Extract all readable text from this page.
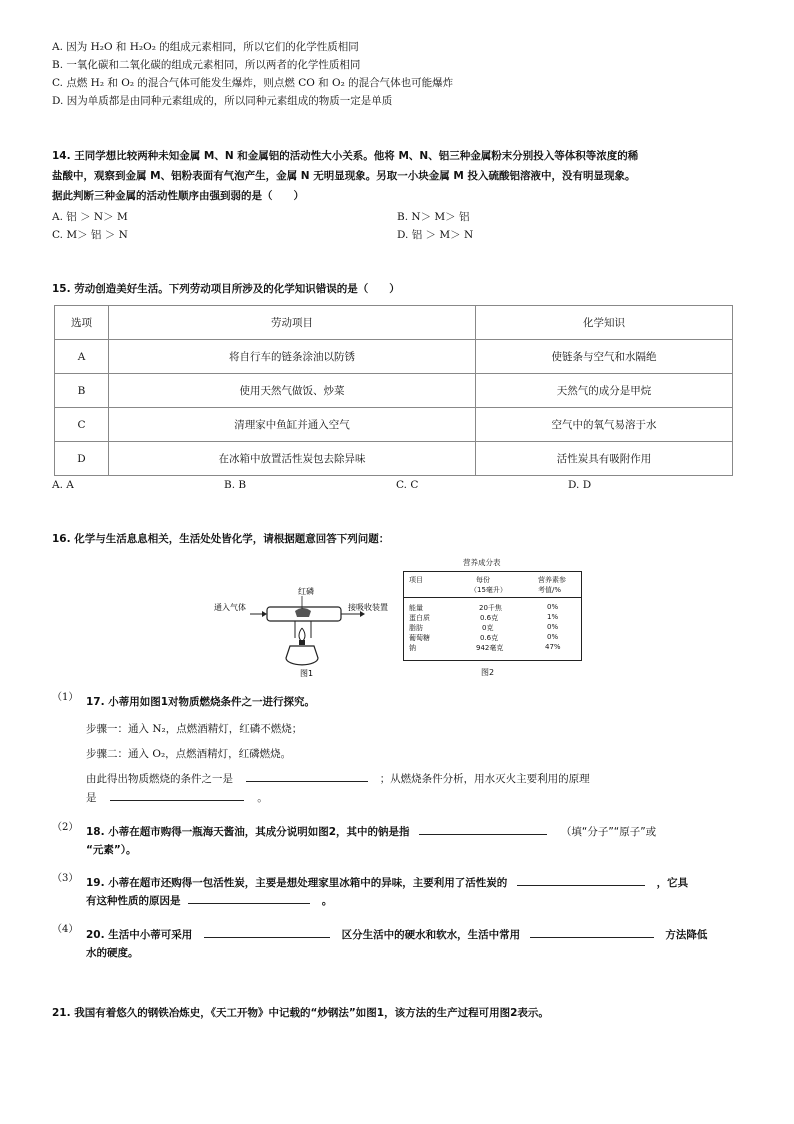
A. 因为 H₂O 和 H₂O₂ 的组成元素相同，所以它们的化学性质相同
B. 一氧化碳和二氧化碳的组成元素相同，所以两者的化学性质相同
C. 点燃 H₂ 和 O₂ 的混合气体可能发生爆炸，则点燃 CO 和 O₂ 的混合气体也可能爆炸
D. 因为单质都是由同种元素组成的，所以同种元素组成的物质一定是单质
14. 王同学想比较两种未知金属 M、N 和金属铝的活动性大小关系。他将 M、N、铝三种金属粉末分别投入等体积等浓度的稀
盐酸中，观察到金属 M、铝粉表面有气泡产生，金属 N 无明显现象。另取一小块金属 M 投入硫酸铝溶液中，没有明显现象。
据此判断三种金属的活动性顺序由强到弱的是（　　）
A. 铝 ＞ N＞ M	B. N＞ M＞ 铝
C. M＞ 铝 ＞ N	D. 铝 ＞ M＞ N
15. 劳动创造美好生活。下列劳动项目所涉及的化学知识错误的是（　　）
选项	劳动项目	化学知识
A	将自行车的链条涂油以防锈	使链条与空气和水隔绝
B	使用天然气做饭、炒菜	天然气的成分是甲烷
C	清理家中鱼缸并通入空气	空气中的氧气易溶于水
D	在冰箱中放置活性炭包去除异味	活性炭具有吸附作用
A. A	B. B	C. C	D. D
16. 化学与生活息息相关，生活处处皆化学，请根据题意回答下列问题：
通入气体
红磷
接吸收装置
图1
营养成分表
项目	每份	营养素参
（15毫升）	考值/%
能量	20千焦	0%
蛋白质	0.6克	1%
脂肪	0克	0%
葡萄糖	0.6克	0%
钠	942毫克	47%
图2
（1） 17. 小蒂用如图1对物质燃烧条件之一进行探究。
步骤一：通入 N₂，点燃酒精灯，红磷不燃烧；
步骤二：通入 O₂，点燃酒精灯，红磷燃烧。
由此得出物质燃烧的条件之一是	；从燃烧条件分析，用水灭火主要利用的原理
是	。
（2） 18. 小蒂在超市购得一瓶海天酱油，其成分说明如图2，其中的钠是指	（填“分子”“原子”或
“元素”）。
（3） 19. 小蒂在超市还购得一包活性炭，主要是想处理家里冰箱中的异味，主要利用了活性炭的	，它具
有这种性质的原因是	。
（4） 20. 生活中小蒂可采用	区分生活中的硬水和软水，生活中常用	方法降低
水的硬度。
21. 我国有着悠久的钢铁冶炼史，《天工开物》中记载的“炒钢法”如图1，该方法的生产过程可用图2表示。
